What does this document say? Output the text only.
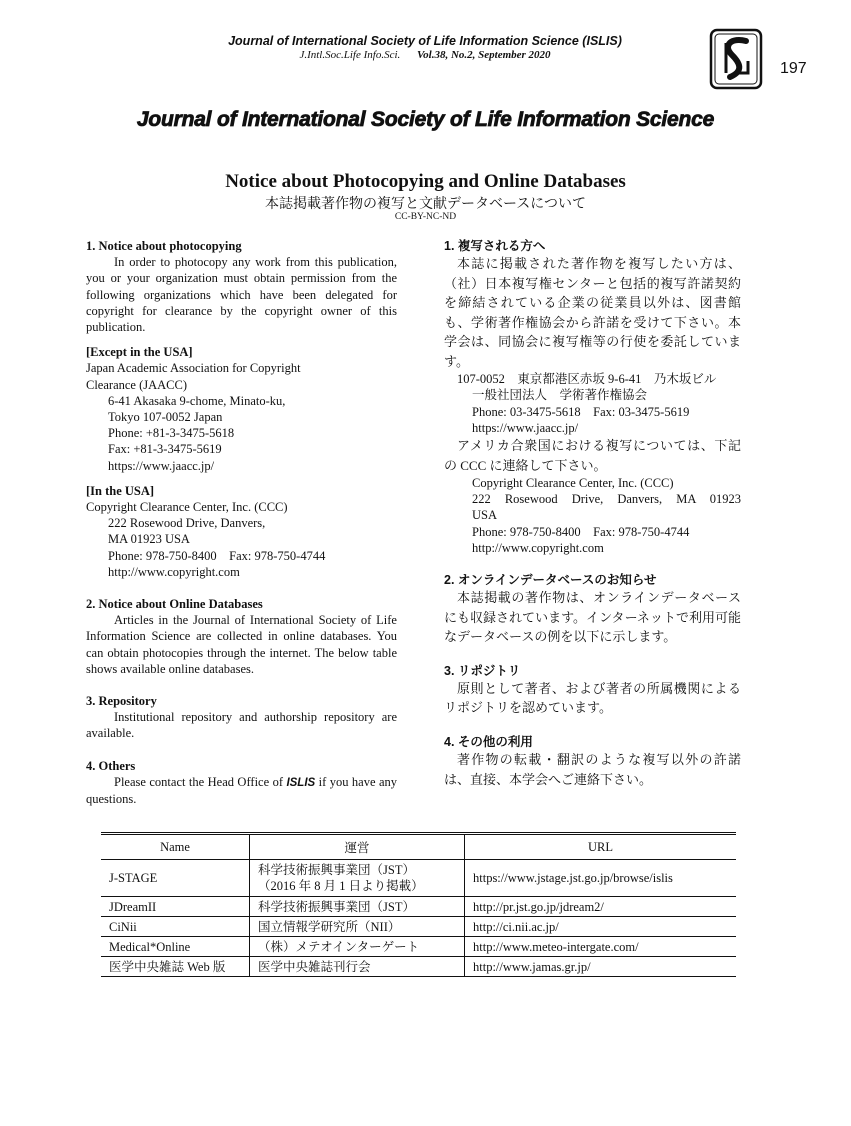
Journal of International Society of Life Information Science (ISLIS)
J.Intl.Soc.Life Info.Sci. Vol.38, No.2, September 2020
197
Journal of International Society of Life Information Science
Notice about Photocopying and Online Databases
本誌掲載著作物の複写と文献データベースについて
CC-BY-NC-ND
1. Notice about photocopying
In order to photocopy any work from this publication, you or your organization must obtain permission from the following organizations which have been delegated for copyright for clearance by the copyright owner of this publication.
[Except in the USA]
Japan Academic Association for Copyright
Clearance (JAACC)
6-41 Akasaka 9-chome, Minato-ku,
Tokyo 107-0052 Japan
Phone: +81-3-3475-5618
Fax: +81-3-3475-5619
https://www.jaacc.jp/
[In the USA]
Copyright Clearance Center, Inc. (CCC)
222 Rosewood Drive, Danvers,
MA 01923 USA
Phone: 978-750-8400　Fax: 978-750-4744
http://www.copyright.com
2. Notice about Online Databases
Articles in the Journal of International Society of Life Information Science are collected in online databases. You can obtain photocopies through the internet. The below table shows available online databases.
3. Repository
Institutional repository and authorship repository are available.
4. Others
Please contact the Head Office of ISLIS if you have any questions.
1. 複写される方へ
本誌に掲載された著作物を複写したい方は、（社）日本複写権センターと包括的複写許諾契約を締結されている企業の従業員以外は、図書館も、学術著作権協会から許諾を受けて下さい。本学会は、同協会に複写権等の行使を委託しています。
107-0052　東京都港区赤坂 9-6-41　乃木坂ビル
一般社団法人　学術著作権協会
Phone: 03-3475-5618　Fax: 03-3475-5619
https://www.jaacc.jp/
アメリカ合衆国における複写については、下記の CCC に連絡して下さい。
Copyright Clearance Center, Inc. (CCC)
222 Rosewood Drive, Danvers, MA 01923
USA
Phone: 978-750-8400　Fax: 978-750-4744
http://www.copyright.com
2. オンラインデータベースのお知らせ
本誌掲載の著作物は、オンラインデータベースにも収録されています。インターネットで利用可能なデータベースの例を以下に示します。
3. リポジトリ
原則として著者、および著者の所属機関によるリポジトリを認めています。
4. その他の利用
著作物の転載・翻訳のような複写以外の許諾は、直接、本学会へご連絡下さい。
Name	運営	URL
J-STAGE	科学技術振興事業団（JST）
（2016 年 8 月 1 日より掲載）	https://www.jstage.jst.go.jp/browse/islis
JDreamII	科学技術振興事業団（JST）	http://pr.jst.go.jp/jdream2/
CiNii	国立情報学研究所（NII）	http://ci.nii.ac.jp/
Medical*Online	（株）メテオインターゲート	http://www.meteo-intergate.com/
医学中央雑誌 Web 版	医学中央雑誌刊行会	http://www.jamas.gr.jp/
